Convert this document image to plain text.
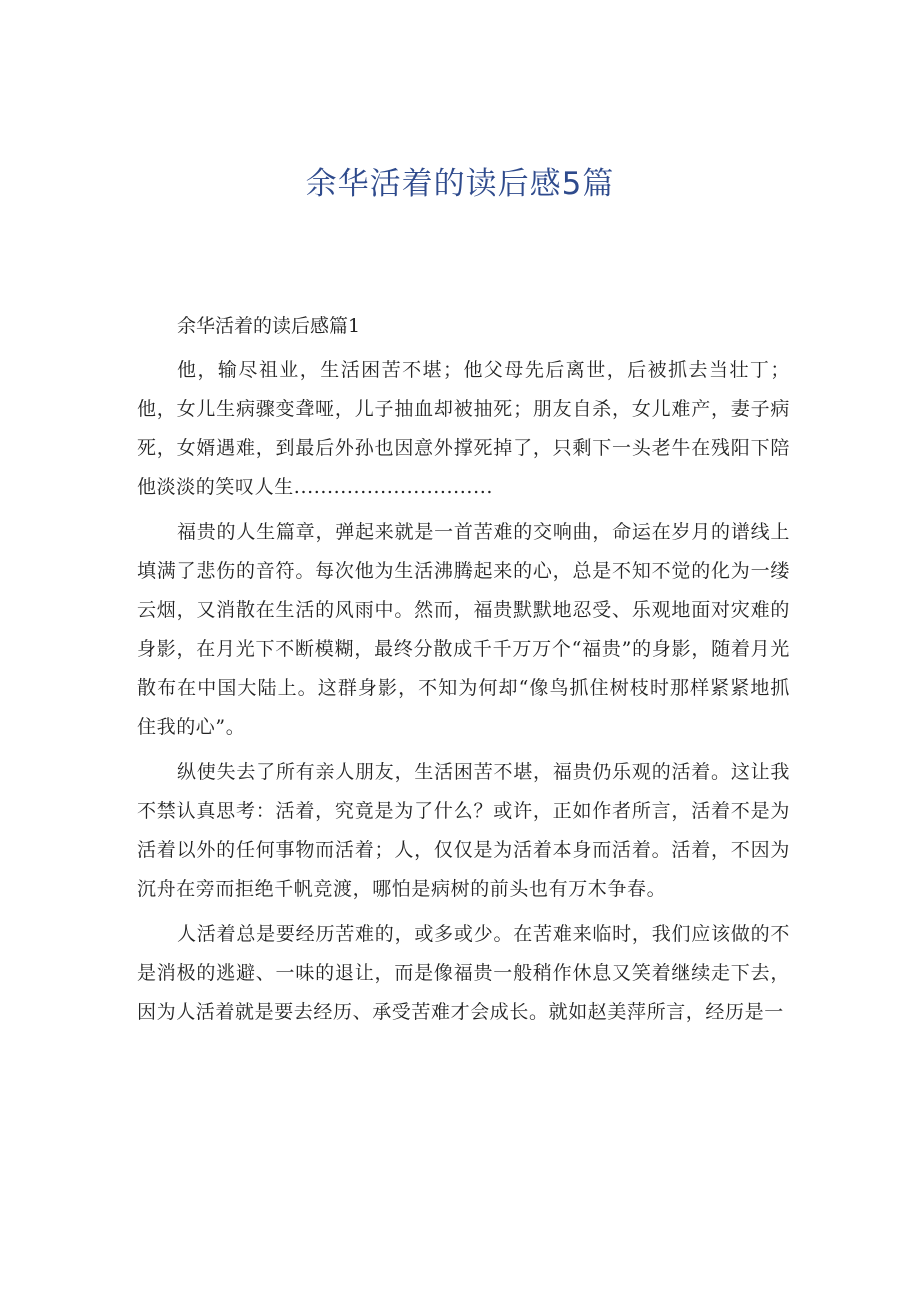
余华活着的读后感5篇
余华活着的读后感篇1

他，输尽祖业，生活困苦不堪；他父母先后离世，后被抓去当壮丁；他，女儿生病骤变聋哑，儿子抽血却被抽死；朋友自杀，女儿难产，妻子病死，女婿遇难，到最后外孙也因意外撑死掉了，只剩下一头老牛在残阳下陪他淡淡的笑叹人生..............................

福贵的人生篇章，弹起来就是一首苦难的交响曲，命运在岁月的谱线上填满了悲伤的音符。每次他为生活沸腾起来的心，总是不知不觉的化为一缕云烟，又消散在生活的风雨中。然而，福贵默默地忍受、乐观地面对灾难的身影，在月光下不断模糊，最终分散成千千万万个“福贵”的身影，随着月光散布在中国大陆上。这群身影，不知为何却“像鸟抓住树枝时那样紧紧地抓住我的心”。

纵使失去了所有亲人朋友，生活困苦不堪，福贵仍乐观的活着。这让我不禁认真思考：活着，究竟是为了什么？或许，正如作者所言，活着不是为活着以外的任何事物而活着；人，仅仅是为活着本身而活着。活着，不因为沉舟在旁而拒绝千帆竞渡，哪怕是病树的前头也有万木争春。

人活着总是要经历苦难的，或多或少。在苦难来临时，我们应该做的不是消极的逃避、一味的退让，而是像福贵一般稍作休息又笑着继续走下去，因为人活着就是要去经历、承受苦难才会成长。就如赵美萍所言，经历是一
